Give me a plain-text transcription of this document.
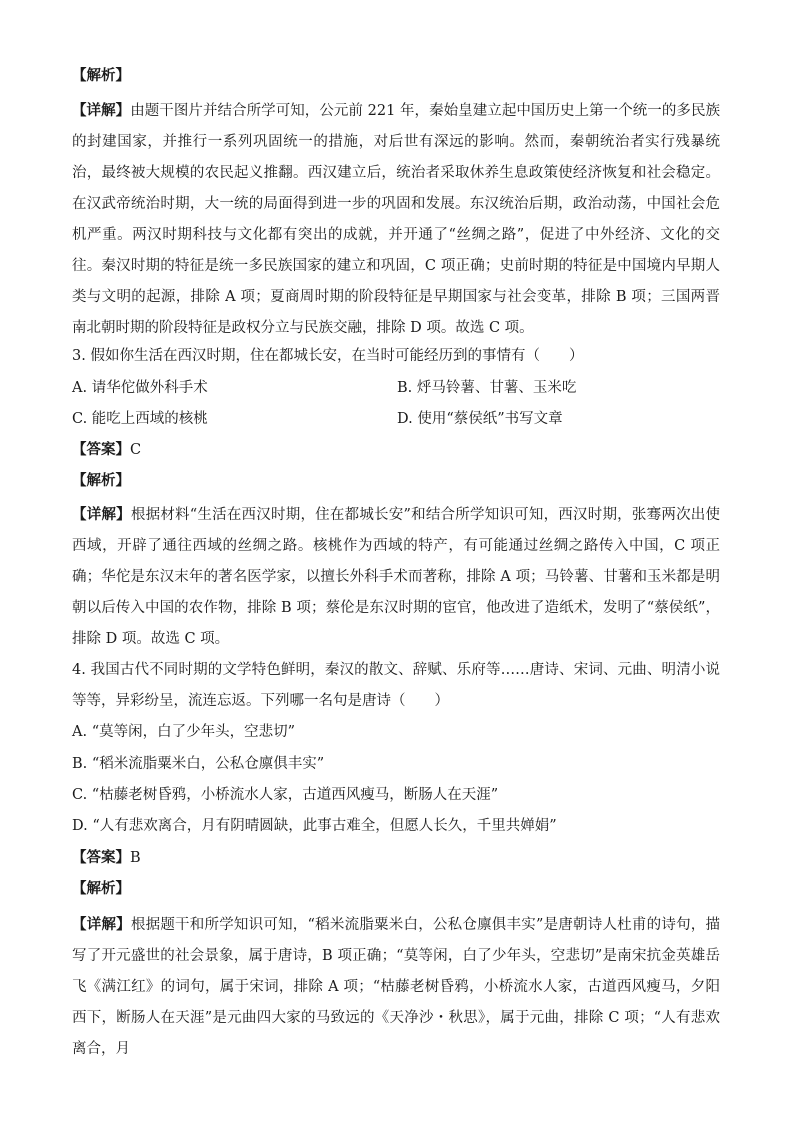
【解析】

【详解】由题干图片并结合所学可知，公元前 221 年，秦始皇建立起中国历史上第一个统一的多民族的封建国家，并推行一系列巩固统一的措施，对后世有深远的影响。然而，秦朝统治者实行残暴统治，最终被大规模的农民起义推翻。西汉建立后，统治者采取休养生息政策使经济恢复和社会稳定。在汉武帝统治时期，大一统的局面得到进一步的巩固和发展。东汉统治后期，政治动荡，中国社会危机严重。两汉时期科技与文化都有突出的成就，并开通了“丝绸之路”，促进了中外经济、文化的交往。秦汉时期的特征是统一多民族国家的建立和巩固，C 项正确；史前时期的特征是中国境内早期人类与文明的起源，排除 A 项；夏商周时期的阶段特征是早期国家与社会变革，排除 B 项；三国两晋南北朝时期的阶段特征是政权分立与民族交融，排除 D 项。故选 C 项。

3. 假如你生活在西汉时期，住在都城长安，在当时可能经历到的事情有（　　）

A. 请华佗做外科手术	B. 烀马铃薯、甘薯、玉米吃

C. 能吃上西域的核桃	D. 使用“蔡侯纸”书写文章

【答案】C

【解析】

【详解】根据材料“生活在西汉时期，住在都城长安”和结合所学知识可知，西汉时期，张骞两次出使西域，开辟了通往西域的丝绸之路。核桃作为西域的特产，有可能通过丝绸之路传入中国，C 项正确；华佗是东汉末年的著名医学家，以擅长外科手术而著称，排除 A 项；马铃薯、甘薯和玉米都是明朝以后传入中国的农作物，排除 B 项；蔡伦是东汉时期的宦官，他改进了造纸术，发明了“蔡侯纸”，排除 D 项。故选 C 项。

4. 我国古代不同时期的文学特色鲜明，秦汉的散文、辞赋、乐府等……唐诗、宋词、元曲、明清小说等等，异彩纷呈，流连忘返。下列哪一名句是唐诗（　　）

A. “莫等闲，白了少年头，空悲切”

B. “稻米流脂粟米白，公私仓廪俱丰实”

C. “枯藤老树昏鸦，小桥流水人家，古道西风瘦马，断肠人在天涯”

D. “人有悲欢离合，月有阴晴圆缺，此事古难全，但愿人长久，千里共婵娟”

【答案】B

【解析】

【详解】根据题干和所学知识可知，“稻米流脂粟米白，公私仓廪俱丰实”是唐朝诗人杜甫的诗句，描写了开元盛世的社会景象，属于唐诗，B 项正确；“莫等闲，白了少年头，空悲切”是南宋抗金英雄岳飞《满江红》的词句，属于宋词，排除 A 项；“枯藤老树昏鸦，小桥流水人家，古道西风瘦马，夕阳西下，断肠人在天涯”是元曲四大家的马致远的《天净沙・秋思》，属于元曲，排除 C 项；“人有悲欢离合，月
